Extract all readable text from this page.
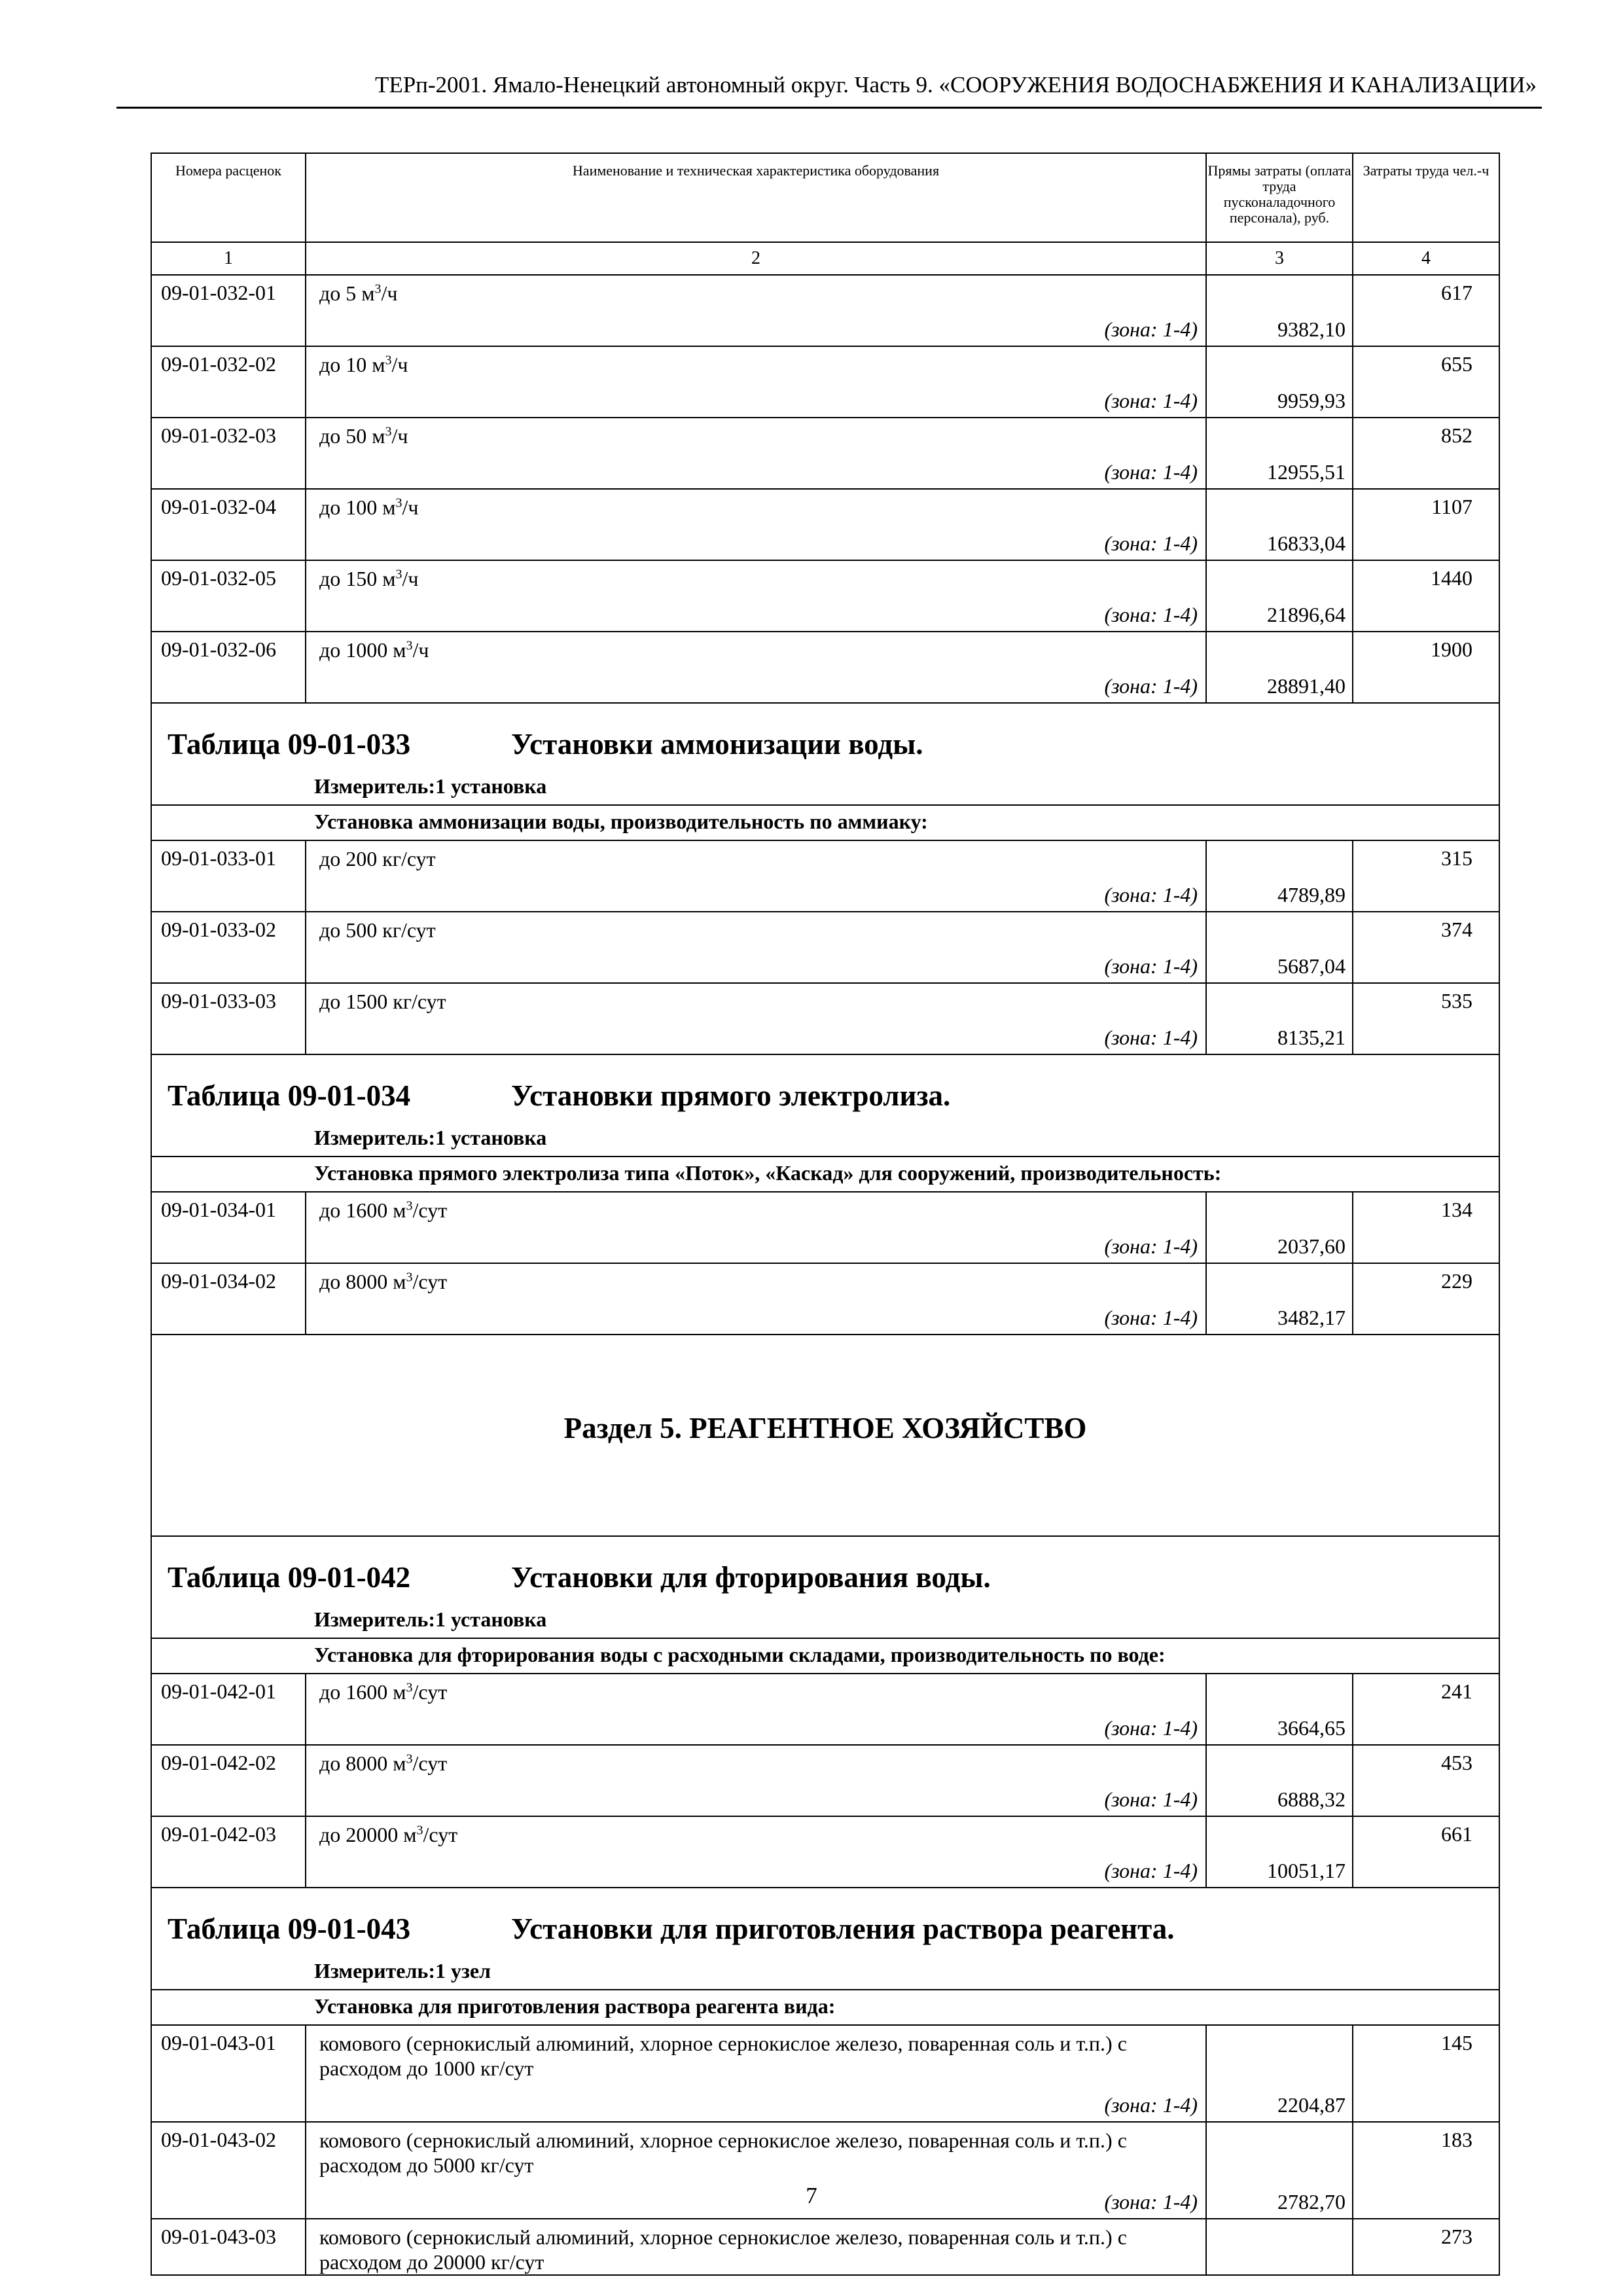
ТЕРп-2001. Ямало-Ненецкий автономный округ. Часть 9. «СООРУЖЕНИЯ ВОДОСНАБЖЕНИЯ И КАНАЛИЗАЦИИ»
Номера расценок	Наименование и техническая характеристика оборудования	Прямы затраты (оплата труда пусконаладочного персонала), руб.	Затраты труда чел.-ч
1	2	3	4
09-01-032-01	до 5 $м^3/ч$
(зона: 1-4)	9382,10	617
09-01-032-02	до 10 $м^3/ч$
(зона: 1-4)	9959,93	655
09-01-032-03	до 50 $м^3/ч$
(зона: 1-4)	12955,51	852
09-01-032-04	до 100 $м^3/ч$
(зона: 1-4)	16833,04	1107
09-01-032-05	до 150 $м^3/ч$
(зона: 1-4)	21896,64	1440
09-01-032-06	до 1000 $м^3/ч$
(зона: 1-4)	28891,40	1900

Таблица 09-01-033 Установки аммонизации воды.
Измеритель:1 установка			

Установка аммонизации воды, производительность по аммиаку:			
09-01-033-01	до 200 кг/сут
(зона: 1-4)	4789,89	315
09-01-033-02	до 500 кг/сут
(зона: 1-4)	5687,04	374
09-01-033-03	до 1500 кг/сут
(зона: 1-4)	8135,21	535

Таблица 09-01-034 Установки прямого электролиза.
Измеритель:1 установка			

Установка прямого электролиза типа «Поток», «Каскад» для сооружений, производительность:			
09-01-034-01	до 1600 $м^3$/сут
(зона: 1-4)	2037,60	134
09-01-034-02	до 8000 $м^3$/сут
(зона: 1-4)	3482,17	229

Раздел 5. РЕАГЕНТНОЕ ХОЗЯЙСТВО			

Таблица 09-01-042 Установки для фторирования воды.
Измеритель:1 установка			

Установка для фторирования воды с расходными складами, производительность по воде:			
09-01-042-01	до 1600 $м^3$/сут
(зона: 1-4)	3664,65	241
09-01-042-02	до 8000 $м^3$/сут
(зона: 1-4)	6888,32	453
09-01-042-03	до 20000 $м^3$/сут
(зона: 1-4)	10051,17	661

Таблица 09-01-043 Установки для приготовления раствора реагента.
Измеритель:1 узел			

Установка для приготовления раствора реагента вида:			
09-01-043-01	комового (сернокислый алюминий, хлорное сернокислое железо, поваренная соль и т.п.) с расходом до 1000 кг/сут
(зона: 1-4)	2204,87	145
09-01-043-02	комового (сернокислый алюминий, хлорное сернокислое железо, поваренная соль и т.п.) с расходом до 5000 кг/сут
(зона: 1-4)	2782,70	183
09-01-043-03	комового (сернокислый алюминий, хлорное сернокислое железо, поваренная соль и т.п.) с расходом до 20000 кг/сут		273
7
